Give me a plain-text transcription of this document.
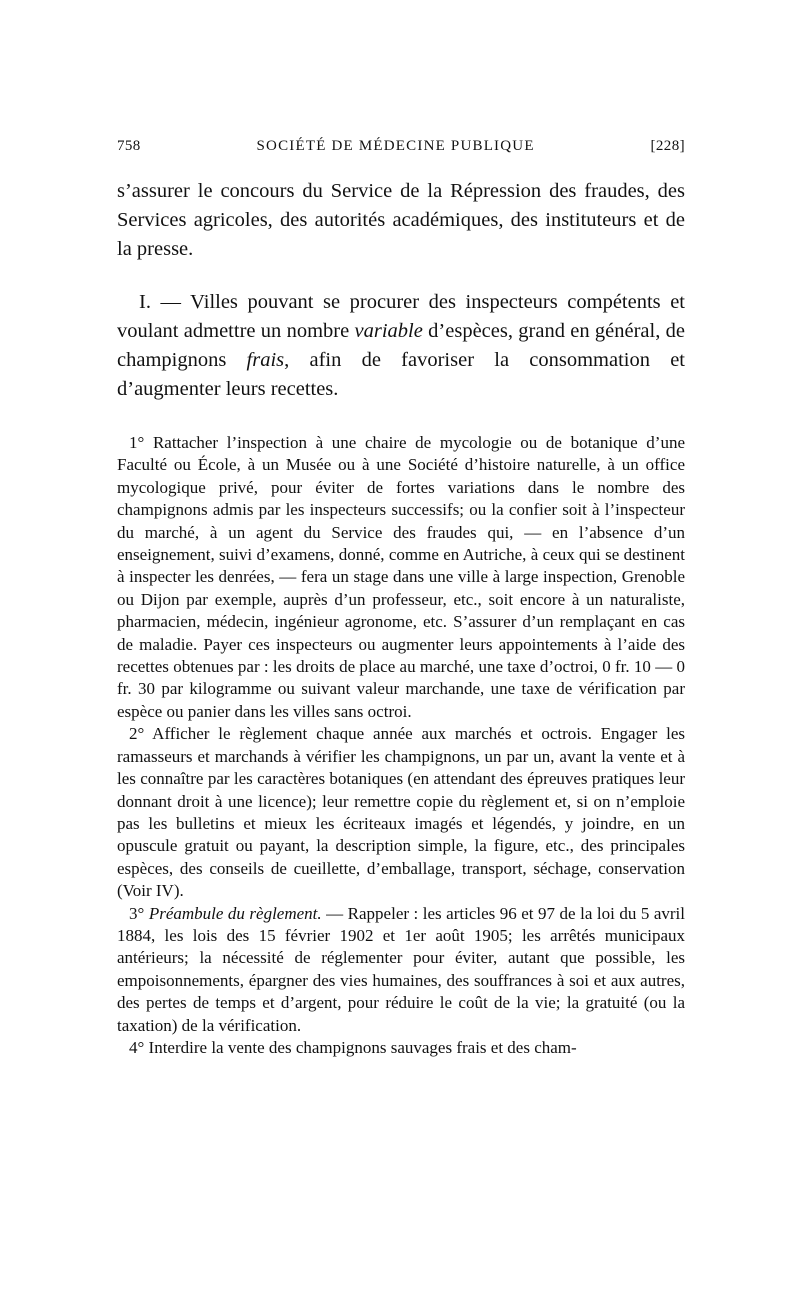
758	SOCIÉTÉ DE MÉDECINE PUBLIQUE	[228]

s’assurer le concours du Service de la Répression des fraudes, des Services agricoles, des autorités académiques, des instituteurs et de la presse.

I. — Villes pouvant se procurer des inspecteurs compétents et voulant admettre un nombre variable d’espèces, grand en général, de champignons frais, afin de favoriser la consommation et d’augmenter leurs recettes.

1° Rattacher l’inspection à une chaire de mycologie ou de botanique d’une Faculté ou École, à un Musée ou à une Société d’histoire naturelle, à un office mycologique privé, pour éviter de fortes variations dans le nombre des champignons admis par les inspecteurs successifs; ou la confier soit à l’inspecteur du marché, à un agent du Service des fraudes qui, — en l’absence d’un enseignement, suivi d’examens, donné, comme en Autriche, à ceux qui se destinent à inspecter les denrées, — fera un stage dans une ville à large inspection, Grenoble ou Dijon par exemple, auprès d’un professeur, etc., soit encore à un naturaliste, pharmacien, médecin, ingénieur agronome, etc. S’assurer d’un remplaçant en cas de maladie. Payer ces inspecteurs ou augmenter leurs appointements à l’aide des recettes obtenues par : les droits de place au marché, une taxe d’octroi, 0 fr. 10 — 0 fr. 30 par kilogramme ou suivant valeur marchande, une taxe de vérification par espèce ou panier dans les villes sans octroi.

2° Afficher le règlement chaque année aux marchés et octrois. Engager les ramasseurs et marchands à vérifier les champignons, un par un, avant la vente et à les connaître par les caractères botaniques (en attendant des épreuves pratiques leur donnant droit à une licence); leur remettre copie du règlement et, si on n’emploie pas les bulletins et mieux les écriteaux imagés et légendés, y joindre, en un opuscule gratuit ou payant, la description simple, la figure, etc., des principales espèces, des conseils de cueillette, d’emballage, transport, séchage, conservation (Voir IV).

3° Préambule du règlement. — Rappeler : les articles 96 et 97 de la loi du 5 avril 1884, les lois des 15 février 1902 et 1er août 1905; les arrêtés municipaux antérieurs; la nécessité de réglementer pour éviter, autant que possible, les empoisonnements, épargner des vies humaines, des souffrances à soi et aux autres, des pertes de temps et d’argent, pour réduire le coût de la vie; la gratuité (ou la taxation) de la vérification.

4° Interdire la vente des champignons sauvages frais et des cham-
